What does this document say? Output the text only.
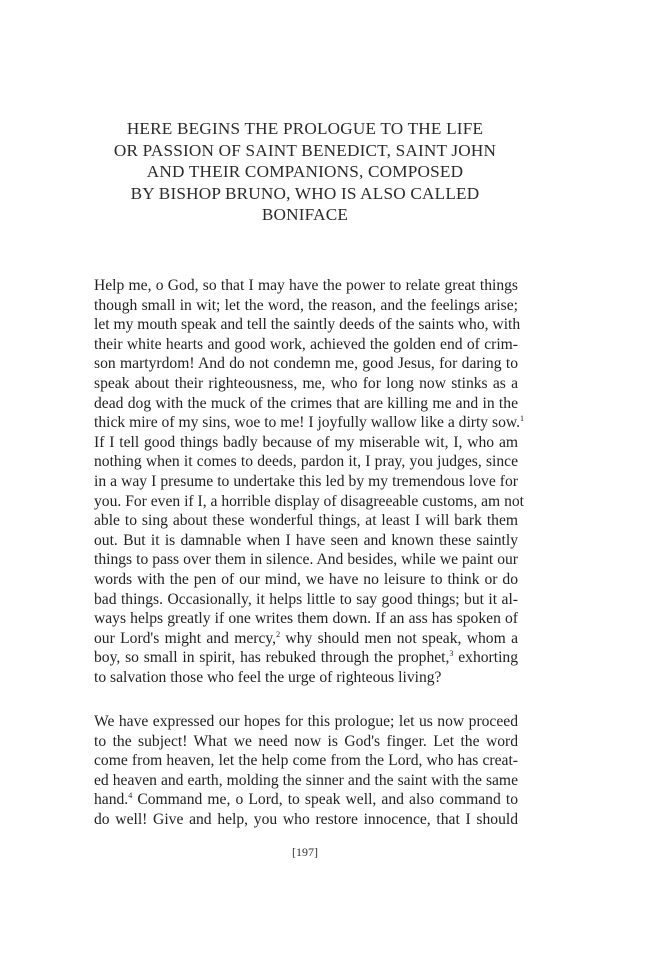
HERE BEGINS THE PROLOGUE TO THE LIFE
OR PASSION OF SAINT BENEDICT, SAINT JOHN
AND THEIR COMPANIONS, COMPOSED
BY BISHOP BRUNO, WHO IS ALSO CALLED
BONIFACE
Help me, o God, so that I may have the power to relate great things
though small in wit; let the word, the reason, and the feelings arise;
let my mouth speak and tell the saintly deeds of the saints who, with
their white hearts and good work, achieved the golden end of crim-
son martyrdom! And do not condemn me, good Jesus, for daring to
speak about their righteousness, me, who for long now stinks as a
dead dog with the muck of the crimes that are killing me and in the
thick mire of my sins, woe to me! I joyfully wallow like a dirty sow.$^1$
If I tell good things badly because of my miserable wit, I, who am
nothing when it comes to deeds, pardon it, I pray, you judges, since
in a way I presume to undertake this led by my tremendous love for
you. For even if I, a horrible display of disagreeable customs, am not
able to sing about these wonderful things, at least I will bark them
out. But it is damnable when I have seen and known these saintly
things to pass over them in silence. And besides, while we paint our
words with the pen of our mind, we have no leisure to think or do
bad things. Occasionally, it helps little to say good things; but it al-
ways helps greatly if one writes them down. If an ass has spoken of
our Lord's might and mercy,$^2$ why should men not speak, whom a
boy, so small in spirit, has rebuked through the prophet,$^3$ exhorting
to salvation those who feel the urge of righteous living?
We have expressed our hopes for this prologue; let us now proceed
to the subject! What we need now is God's finger. Let the word
come from heaven, let the help come from the Lord, who has creat-
ed heaven and earth, molding the sinner and the saint with the same
hand.$^4$ Command me, o Lord, to speak well, and also command to
do well! Give and help, you who restore innocence, that I should
[197]
